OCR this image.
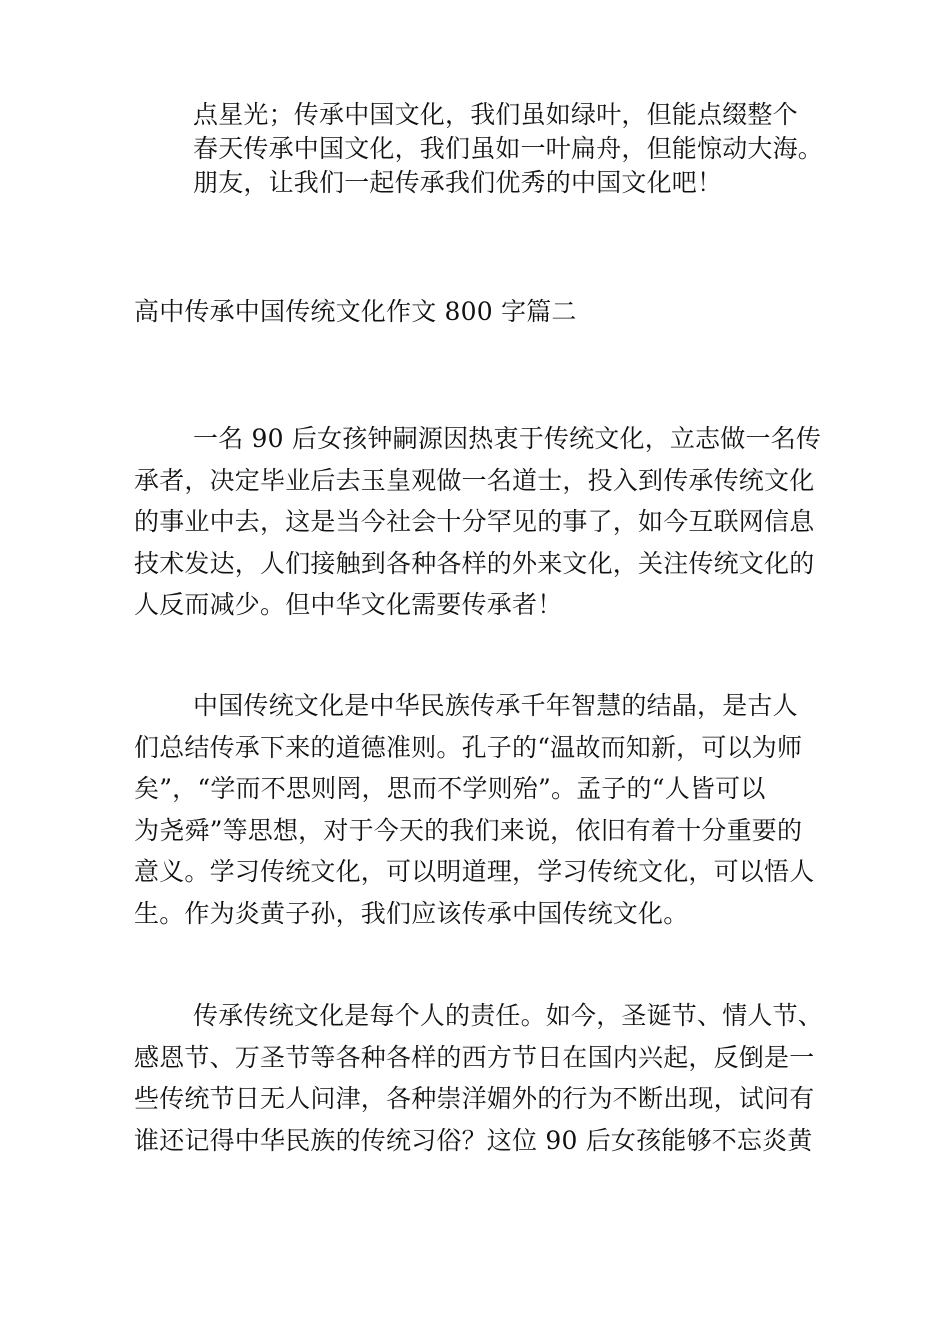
点星光；传承中国文化，我们虽如绿叶，但能点缀整个
春天传承中国文化，我们虽如一叶扁舟，但能惊动大海。
朋友，让我们一起传承我们优秀的中国文化吧！
高中传承中国传统文化作文 800 字篇二
一名 90 后女孩钟嗣源因热衷于传统文化，立志做一名传
承者，决定毕业后去玉皇观做一名道士，投入到传承传统文化
的事业中去，这是当今社会十分罕见的事了，如今互联网信息
技术发达，人们接触到各种各样的外来文化，关注传统文化的
人反而减少。但中华文化需要传承者！
中国传统文化是中华民族传承千年智慧的结晶，是古人
们总结传承下来的道德准则。孔子的“温故而知新，可以为师
矣”，“学而不思则罔，思而不学则殆”。孟子的“人皆可以
为尧舜”等思想，对于今天的我们来说，依旧有着十分重要的
意义。学习传统文化，可以明道理，学习传统文化，可以悟人
生。作为炎黄子孙，我们应该传承中国传统文化。
传承传统文化是每个人的责任。如今，圣诞节、情人节、
感恩节、万圣节等各种各样的西方节日在国内兴起，反倒是一
些传统节日无人问津，各种崇洋媚外的行为不断出现，试问有
谁还记得中华民族的传统习俗？这位 90 后女孩能够不忘炎黄
